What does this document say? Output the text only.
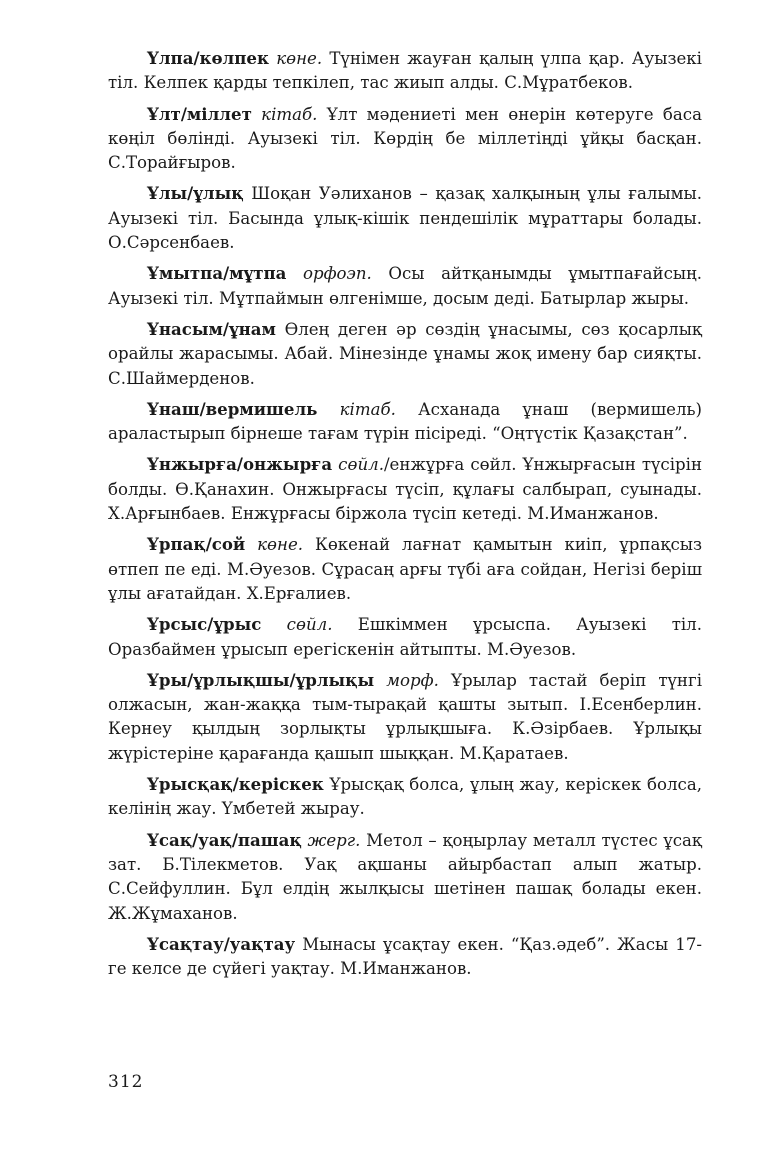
Үлпа/көлпек көне. Түнімен жауған қалың үлпа қар. Ауызекі тіл. Келпек қарды тепкілеп, тас жиып алды. С.Мұратбеков.

Ұлт/міллет кітаб. Ұлт мәдениеті мен өнерін көтеруге баса көңіл бөлінді. Ауызекі тіл. Көрдің бе міллетіңді ұйқы басқан. С.Торайғыров.

Ұлы/ұлық Шоқан Уәлиханов – қазақ халқының ұлы ғалымы. Ауызекі тіл. Басында ұлық-кішік пендешілік мұраттары болады. О.Сәрсенбаев.

Ұмытпа/мұтпа орфоэп. Осы айтқанымды ұмытпағайсың. Ауызекі тіл. Мұтпаймын өлгенімше, досым деді. Батырлар жыры.

Ұнасым/ұнам Өлең деген әр сөздің ұнасымы, сөз қосарлық орайлы жарасымы. Абай. Мінезінде ұнамы жоқ имену бар сияқты. С.Шаймерденов.

Ұнаш/вермишель кітаб. Асханада ұнаш (вермишель) араластырып бірнеше тағам түрін пісіреді. “Оңтүстік Қазақстан”.

Ұнжырға/онжырға сөйл./енжұрға сөйл. Ұнжырғасын түсірін болды. Ө.Қанахин. Онжырғасы түсіп, құлағы салбырап, суынады. Х.Арғынбаев. Енжұрғасы біржола түсіп кетеді. М.Иманжанов.

Ұрпақ/сой көне. Көкенай лағнат қамытын киіп, ұрпақсыз өтпеп пе еді. М.Әуезов. Сұрасаң арғы түбі аға сойдан, Негізі беріш ұлы ағатайдан. Х.Ерғалиев.

Ұрсыс/ұрыс сөйл. Ешкіммен ұрсыспа. Ауызекі тіл. Оразбаймен ұрысып ерегіскенін айтыпты. М.Әуезов.

Ұры/ұрлықшы/ұрлықы морф. Ұрылар тастай беріп түнгі олжасын, жан-жаққа тым-тырақай қашты зытып. І.Есенберлин. Кернеу қылдың зорлықты ұрлықшыға. К.Әзірбаев. Ұрлықы жүрістеріне қарағанда қашып шыққан. М.Қаратаев.

Ұрысқақ/керіскек Ұрысқақ болса, ұлың жау, керіскек болса, келінің жау. Үмбетей жырау.

Ұсақ/уақ/пашақ жерг. Метол – қоңырлау металл түстес ұсақ зат. Б.Тілекметов. Уақ ақшаны айырбастап алып жатыр. С.Сейфуллин. Бұл елдің жылқысы шетінен пашақ болады екен. Ж.Жұмаханов.

Ұсақтау/уақтау Мынасы ұсақтау екен. “Қаз.әдеб”. Жасы 17-ге келсе де сүйегі уақтау. М.Иманжанов.

312
